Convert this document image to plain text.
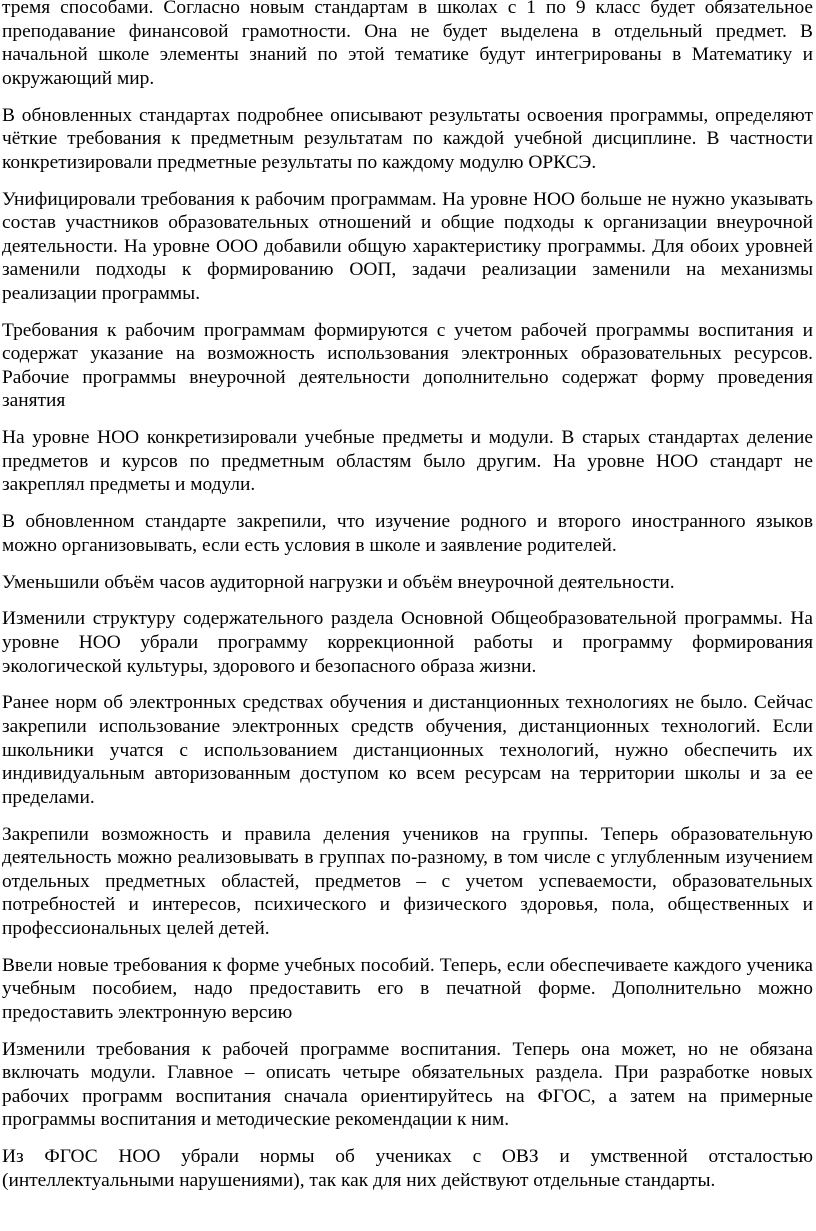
тремя способами. Согласно новым стандартам в школах с 1 по 9 класс будет обязательное преподавание финансовой грамотности. Она не будет выделена в отдельный предмет. В начальной школе элементы знаний по этой тематике будут интегрированы в Математику и окружающий мир.

В обновленных стандартах подробнее описывают результаты освоения программы, определяют чёткие требования к предметным результатам по каждой учебной дисциплине. В частности конкретизировали предметные результаты по каждому модулю ОРКСЭ.

Унифицировали требования к рабочим программам. На уровне НОО больше не нужно указывать состав участников образовательных отношений и общие подходы к организации внеурочной деятельности. На уровне ООО добавили общую характеристику программы. Для обоих уровней заменили подходы к формированию ООП, задачи реализации заменили на механизмы реализации программы.

Требования к рабочим программам формируются с учетом рабочей программы воспитания и содержат указание на возможность использования электронных образовательных ресурсов. Рабочие программы внеурочной деятельности дополнительно содержат форму проведения занятия

На уровне НОО конкретизировали учебные предметы и модули. В старых стандартах деление предметов и курсов по предметным областям было другим. На уровне НОО стандарт не закреплял предметы и модули.

В обновленном стандарте закрепили, что изучение родного и второго иностранного языков можно организовывать, если есть условия в школе и заявление родителей.

Уменьшили объём часов аудиторной нагрузки и объём внеурочной деятельности.

Изменили структуру содержательного раздела Основной Общеобразовательной программы. На уровне НОО убрали программу коррекционной работы и программу формирования экологической культуры, здорового и безопасного образа жизни.

Ранее норм об электронных средствах обучения и дистанционных технологиях не было. Сейчас закрепили использование электронных средств обучения, дистанционных технологий. Если школьники учатся с использованием дистанционных технологий, нужно обеспечить их индивидуальным авторизованным доступом ко всем ресурсам на территории школы и за ее пределами.

Закрепили возможность и правила деления учеников на группы. Теперь образовательную деятельность можно реализовывать в группах по-разному, в том числе с углубленным изучением отдельных предметных областей, предметов – с учетом успеваемости, образовательных потребностей и интересов, психического и физического здоровья, пола, общественных и профессиональных целей детей.

Ввели новые требования к форме учебных пособий. Теперь, если обеспечиваете каждого ученика учебным пособием, надо предоставить его в печатной форме. Дополнительно можно предоставить электронную версию

Изменили требования к рабочей программе воспитания. Теперь она может, но не обязана включать модули. Главное – описать четыре обязательных раздела. При разработке новых рабочих программ воспитания сначала ориентируйтесь на ФГОС, а затем на примерные программы воспитания и методические рекомендации к ним.

Из ФГОС НОО убрали нормы об учениках с ОВЗ и умственной отсталостью (интеллектуальными нарушениями), так как для них действуют отдельные стандарты.
